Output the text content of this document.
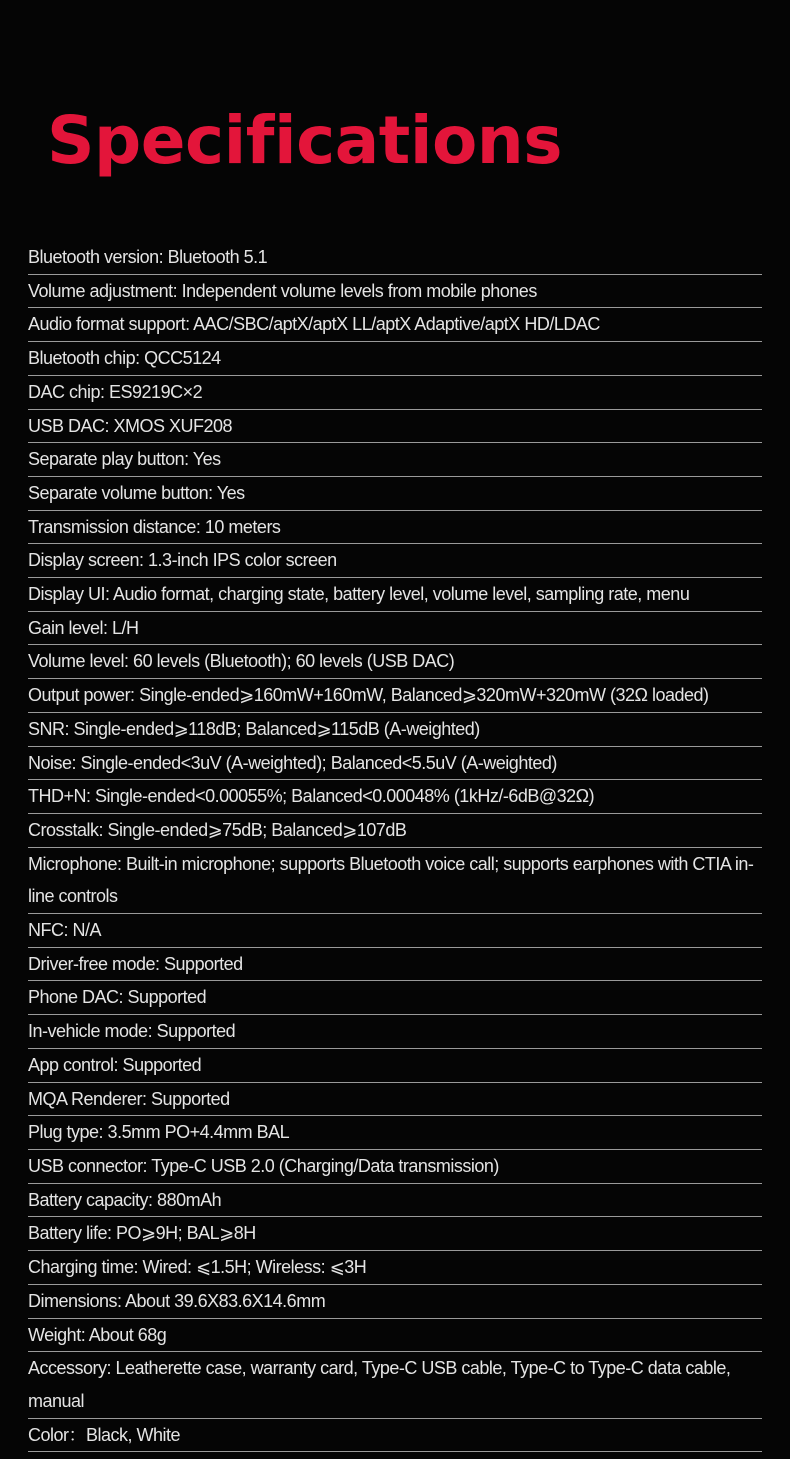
Specifications
Bluetooth version: Bluetooth 5.1
Volume adjustment: Independent volume levels from mobile phones
Audio format support: AAC/SBC/aptX/aptX LL/aptX Adaptive/aptX HD/LDAC
Bluetooth chip: QCC5124
DAC chip: ES9219C×2
USB DAC: XMOS XUF208
Separate play button: Yes
Separate volume button: Yes
Transmission distance: 10 meters
Display screen: 1.3-inch IPS color screen
Display UI: Audio format, charging state, battery level, volume level, sampling rate, menu
Gain level: L/H
Volume level: 60 levels (Bluetooth); 60 levels (USB DAC)
Output power: Single-ended⩾160mW+160mW, Balanced⩾320mW+320mW (32Ω loaded)
SNR: Single-ended⩾118dB; Balanced⩾115dB (A-weighted)
Noise: Single-ended<3uV (A-weighted); Balanced<5.5uV (A-weighted)
THD+N: Single-ended<0.00055%; Balanced<0.00048% (1kHz/-6dB@32Ω)
Crosstalk: Single-ended⩾75dB; Balanced⩾107dB
Microphone: Built-in microphone; supports Bluetooth voice call; supports earphones with CTIA in-line controls
NFC: N/A
Driver-free mode: Supported
Phone DAC: Supported
In-vehicle mode: Supported
App control: Supported
MQA Renderer: Supported
Plug type: 3.5mm PO+4.4mm BAL
USB connector: Type-C USB 2.0 (Charging/Data transmission)
Battery capacity: 880mAh
Battery life: PO⩾9H; BAL⩾8H
Charging time: Wired: ⩽1.5H; Wireless: ⩽3H
Dimensions: About 39.6X83.6X14.6mm
Weight: About 68g
Accessory: Leatherette case, warranty card, Type-C USB cable, Type-C to Type-C data cable, manual
Color：Black, White
